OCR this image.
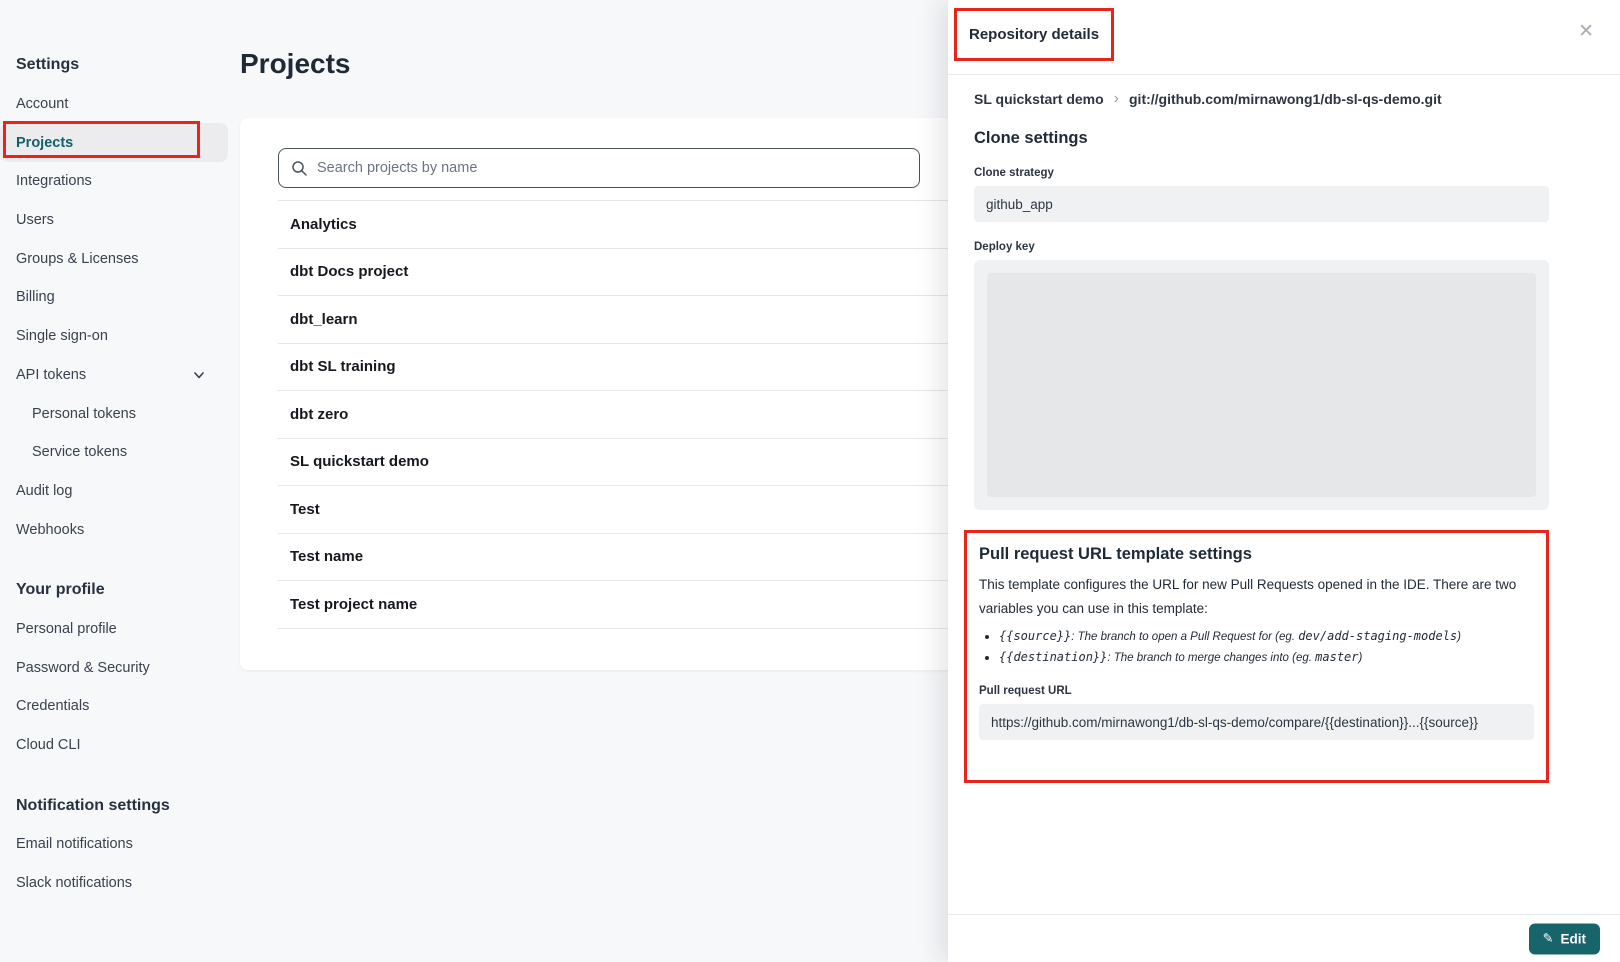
Settings
Account
Projects
Integrations
Users
Groups & Licenses
Billing
Single sign-on
API tokens
Personal tokens
Service tokens
Audit log
Webhooks
Your profile
Personal profile
Password & Security
Credentials
Cloud CLI
Notification settings
Email notifications
Slack notifications
Projects
Search projects by name
Analytics
dbt Docs project
dbt_learn
dbt SL training
dbt zero
SL quickstart demo
Test
Test name
Test project name
Repository details	✕
SL quickstart demo › git://github.com/mirnawong1/db-sl-qs-demo.git
Clone settings
Clone strategy
github_app
Deploy key
Pull request URL template settings

This template configures the URL for new Pull Requests opened in the IDE. There are two variables you can use in this template:

• {{source}}: The branch to open a Pull Request for (eg. dev/add-staging-models)
• {{destination}}: The branch to merge changes into (eg. master)
Pull request URL
https://github.com/mirnawong1/db-sl-qs-demo/compare/{{destination}}...{{source}}
✎ Edit
